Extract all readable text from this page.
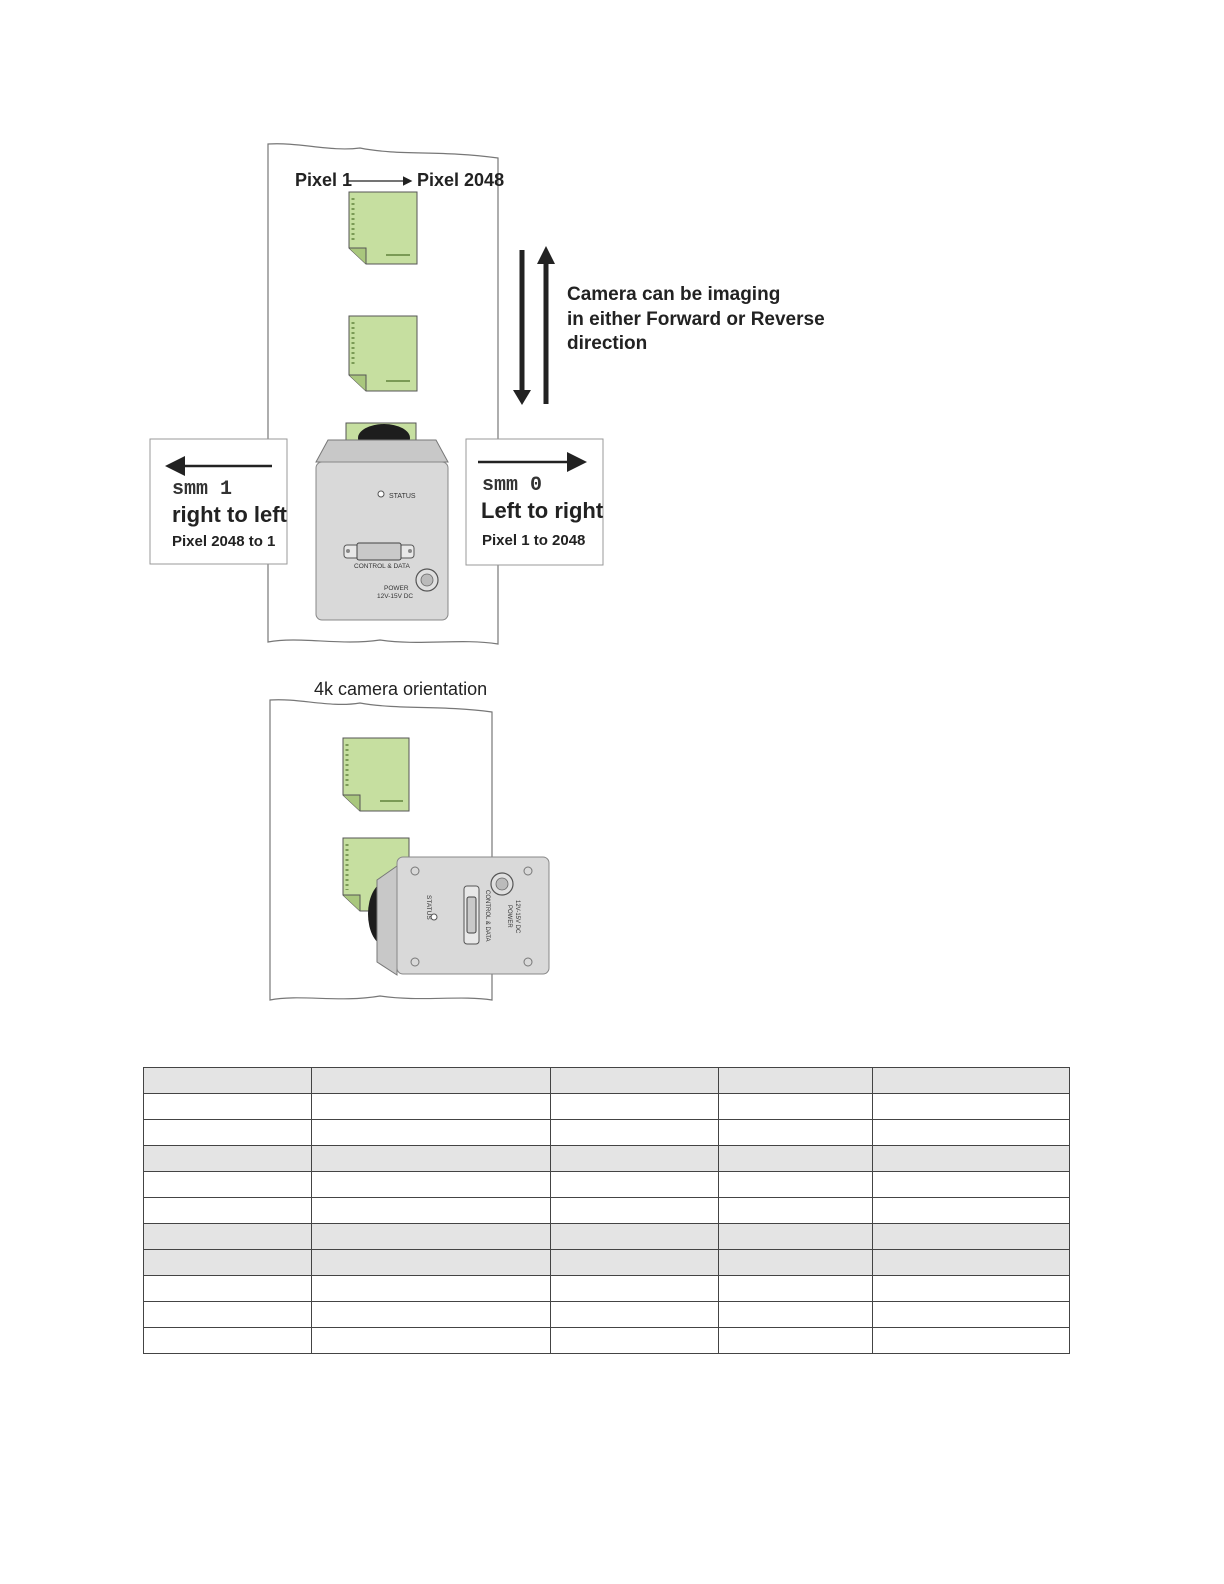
Pixel 1	Pixel 2048
Camera can be imaging
in either Forward or Reverse
direction
STATUS
CONTROL & DATA
POWER
12V-15V DC
smm 1
right to left
Pixel 2048 to 1
smm 0
Left to right
Pixel 1 to 2048
4k camera orientation
STATUS	CONTROL & DATA	POWER 12V-15V DC
